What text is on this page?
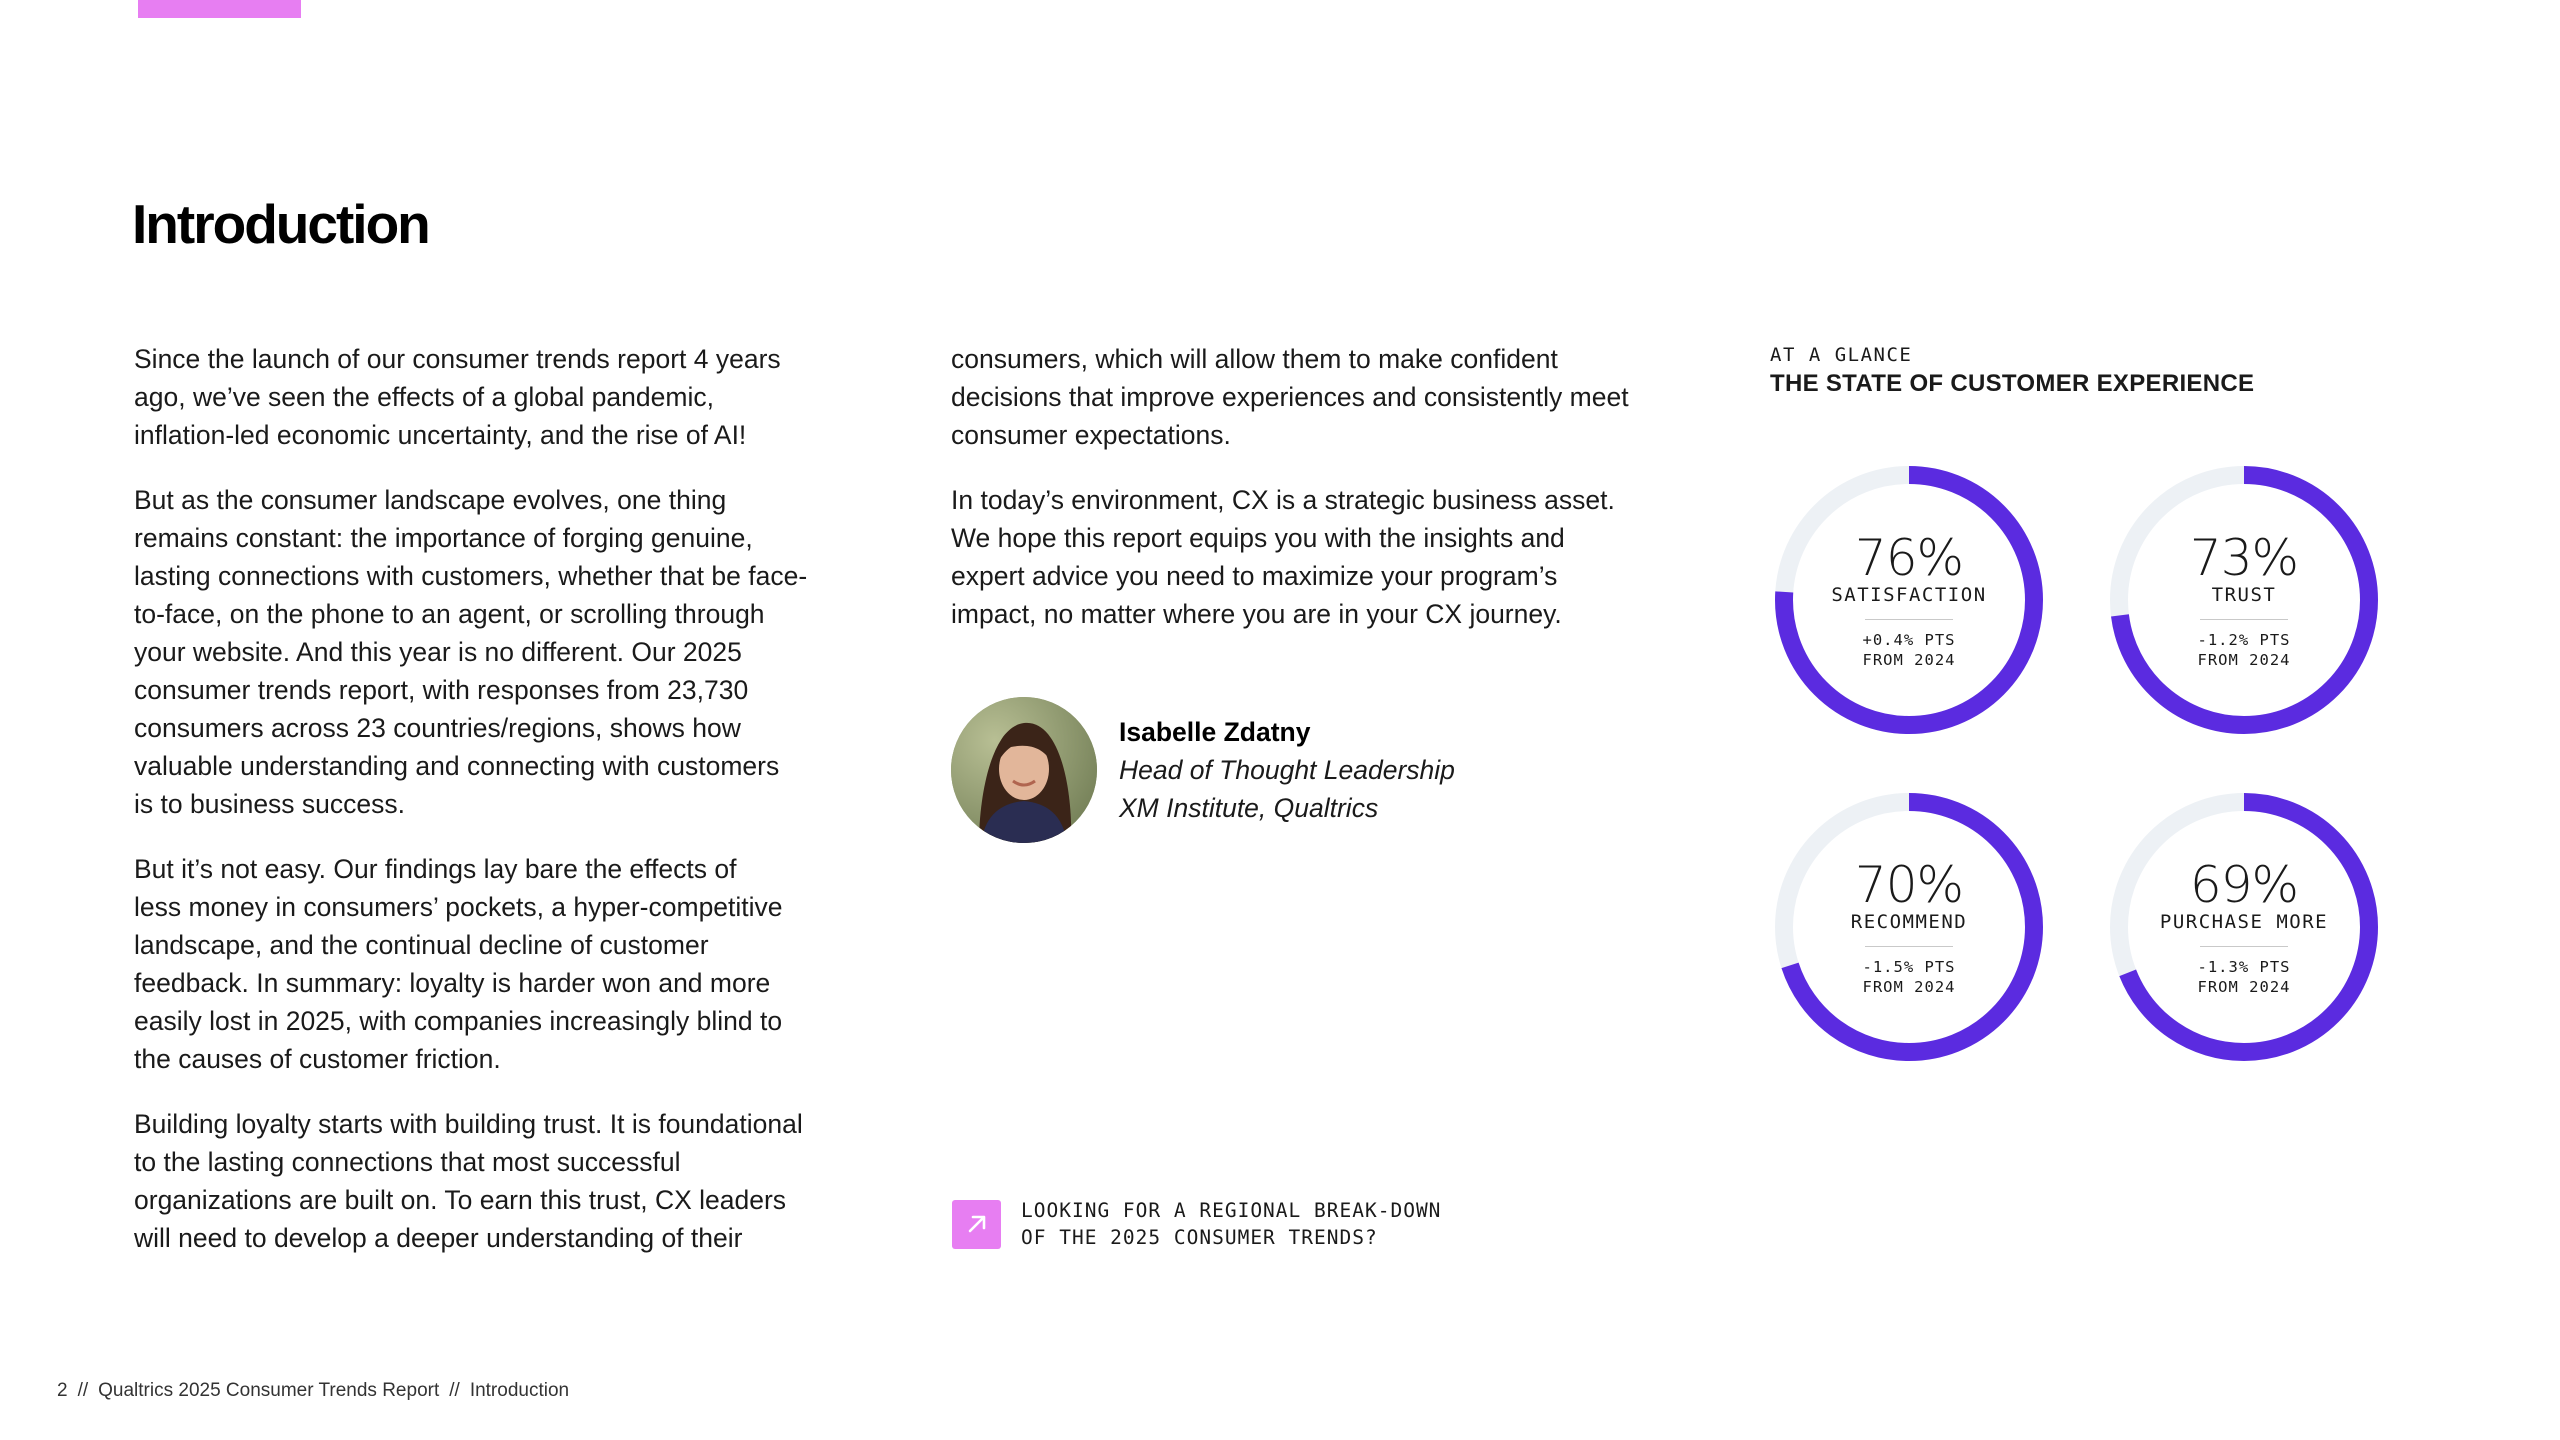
Introduction

Since the launch of our consumer trends report 4 years
ago, we’ve seen the effects of a global pandemic,
inflation-led economic uncertainty, and the rise of AI!

But as the consumer landscape evolves, one thing
remains constant: the importance of forging genuine,
lasting connections with customers, whether that be face-
to-face, on the phone to an agent, or scrolling through
your website. And this year is no different. Our 2025
consumer trends report, with responses from 23,730
consumers across 23 countries/regions, shows how
valuable understanding and connecting with customers
is to business success.

But it’s not easy. Our findings lay bare the effects of
less money in consumers’ pockets, a hyper-competitive
landscape, and the continual decline of customer
feedback. In summary: loyalty is harder won and more
easily lost in 2025, with companies increasingly blind to
the causes of customer friction.

Building loyalty starts with building trust. It is foundational
to the lasting connections that most successful
organizations are built on. To earn this trust, CX leaders
will need to develop a deeper understanding of their

consumers, which will allow them to make confident
decisions that improve experiences and consistently meet
consumer expectations.

In today’s environment, CX is a strategic business asset.
We hope this report equips you with the insights and
expert advice you need to maximize your program’s
impact, no matter where you are in your CX journey.

Isabelle Zdatny
Head of Thought Leadership
XM Institute, Qualtrics
LOOKING FOR A REGIONAL BREAK-DOWN
OF THE 2025 CONSUMER TRENDS?
AT A GLANCE
THE STATE OF CUSTOMER EXPERIENCE
76%
SATISFACTION
+0.4% PTS
FROM 2024
73%
TRUST
-1.2% PTS
FROM 2024
70%
RECOMMEND
-1.5% PTS
FROM 2024
69%
PURCHASE MORE
-1.3% PTS
FROM 2024
2 // Qualtrics 2025 Consumer Trends Report // Introduction
